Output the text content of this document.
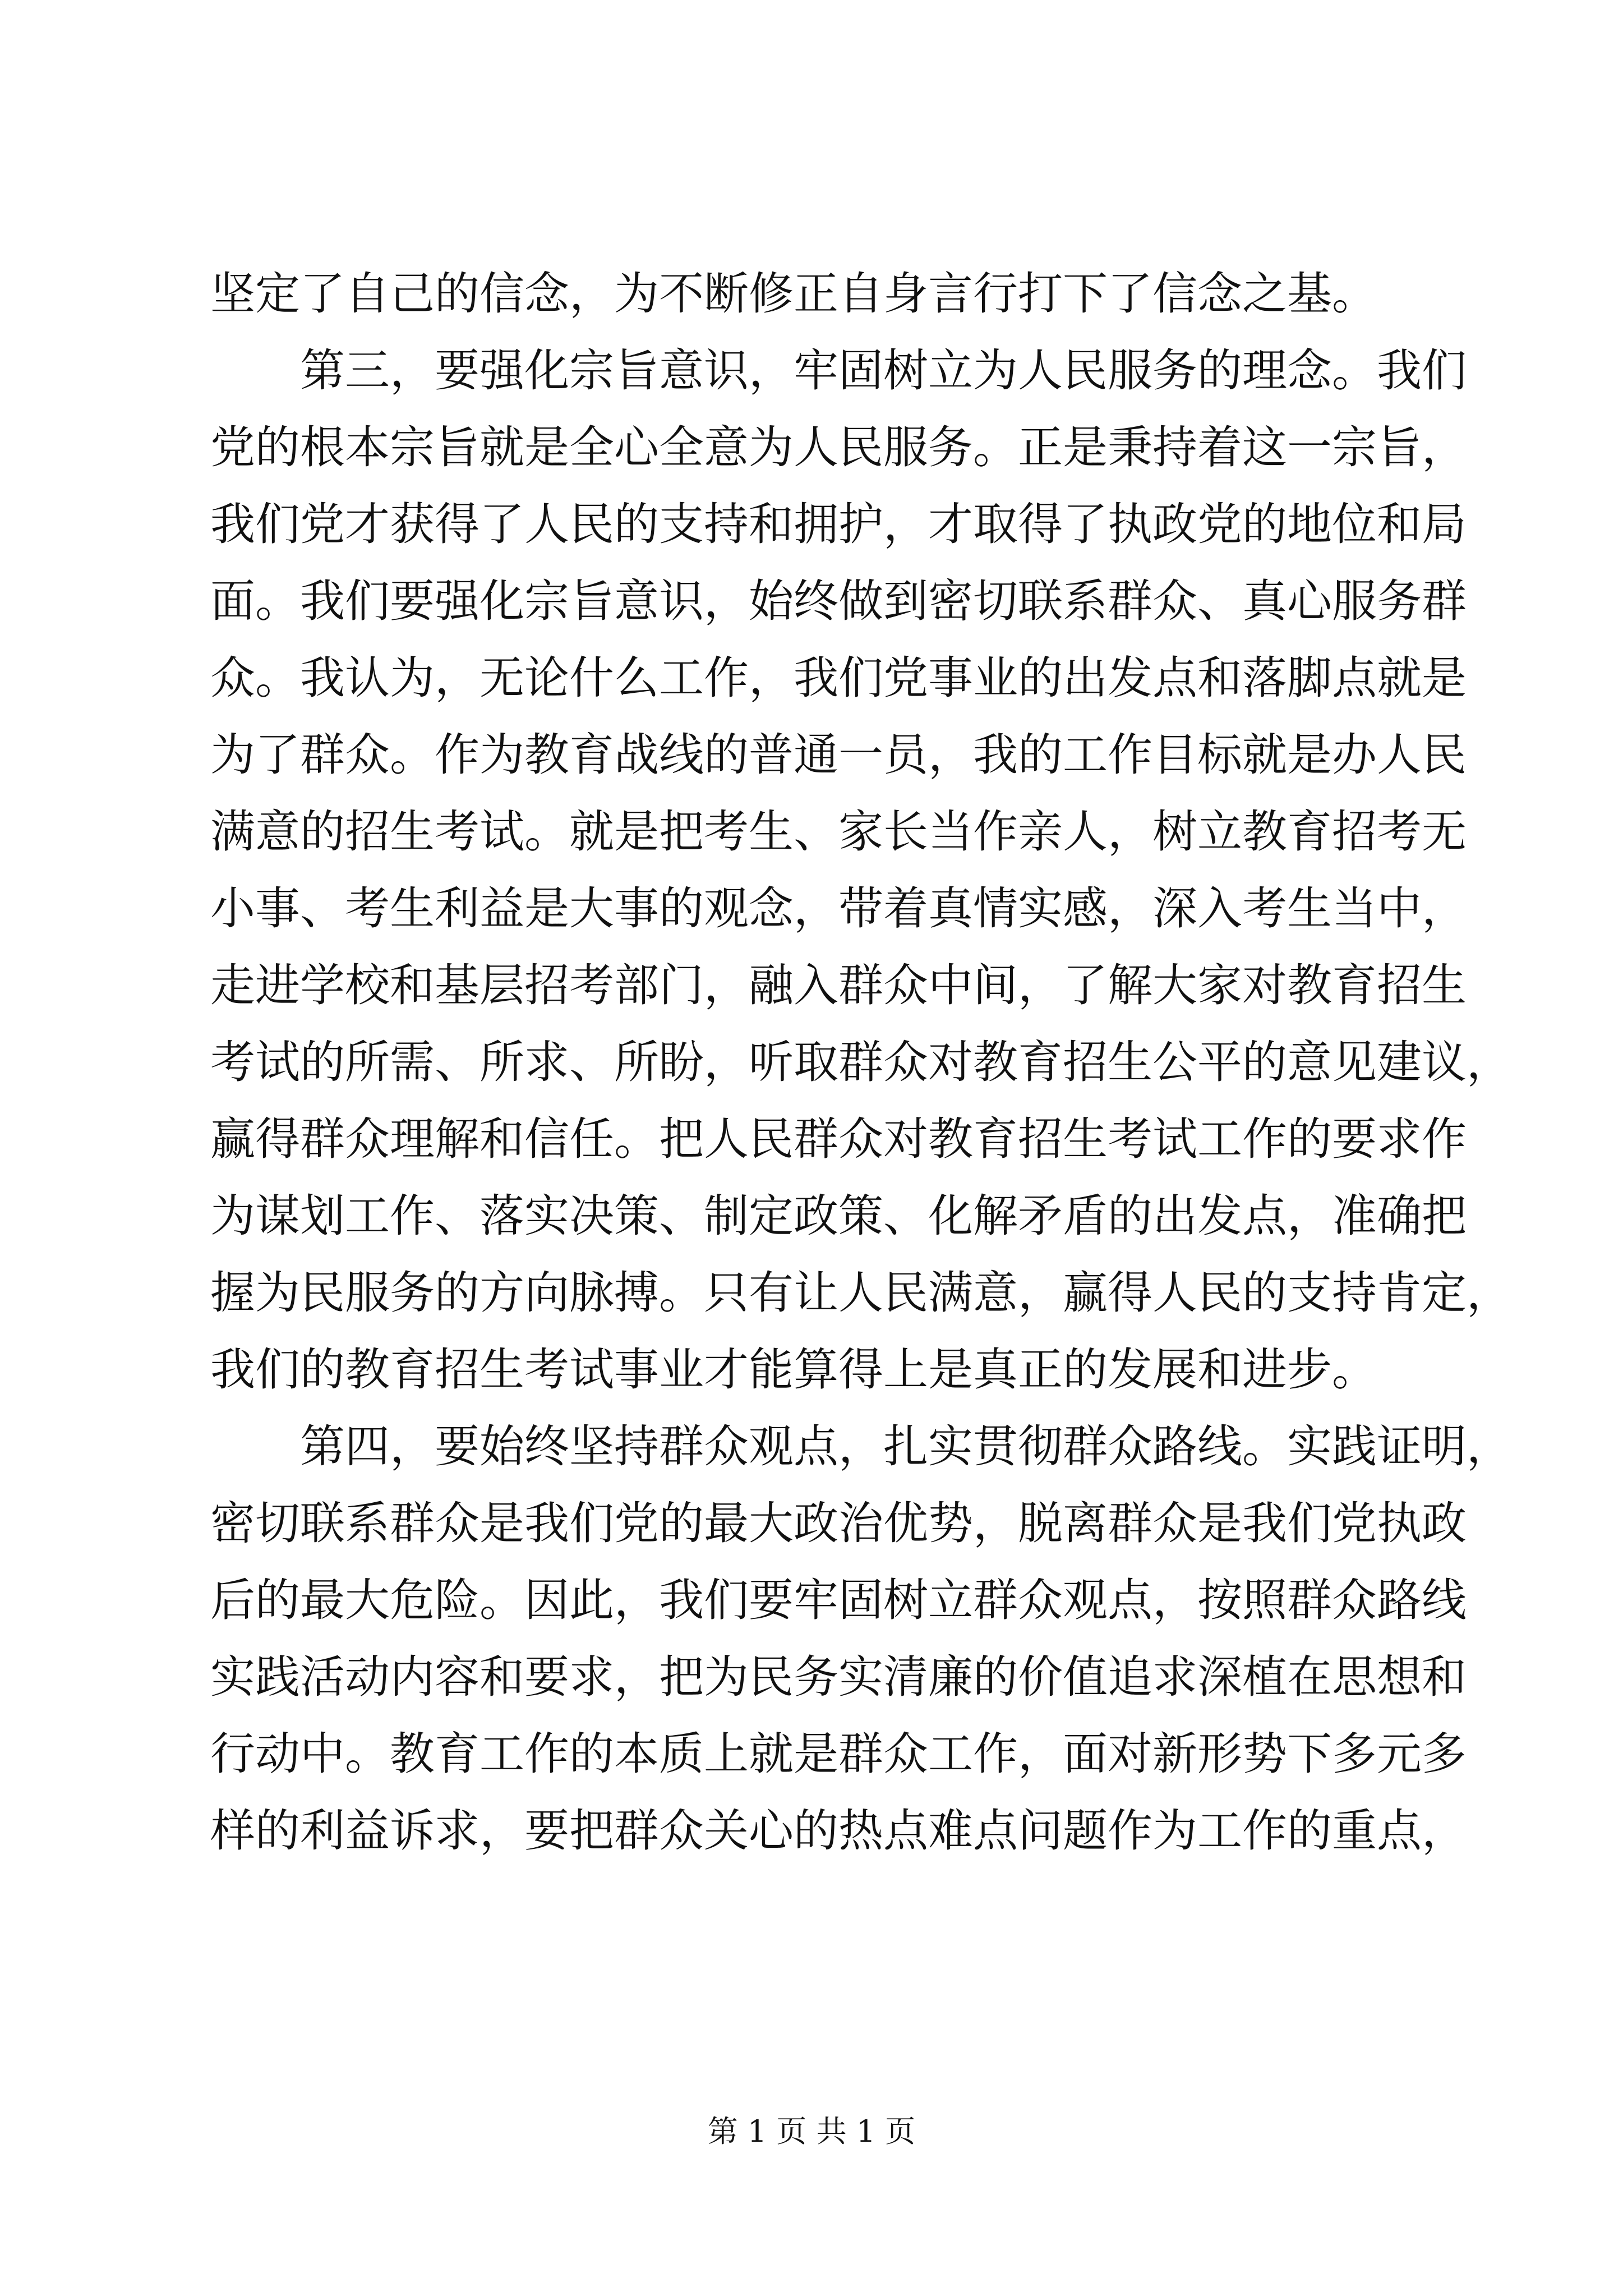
坚定了自己的信念，为不断修正自身言行打下了信念之基。
　　第三，要强化宗旨意识，牢固树立为人民服务的理念。我们
党的根本宗旨就是全心全意为人民服务。正是秉持着这一宗旨，
我们党才获得了人民的支持和拥护，才取得了执政党的地位和局
面。我们要强化宗旨意识，始终做到密切联系群众、真心服务群
众。我认为，无论什么工作，我们党事业的出发点和落脚点就是
为了群众。作为教育战线的普通一员，我的工作目标就是办人民
满意的招生考试。就是把考生、家长当作亲人，树立教育招考无
小事、考生利益是大事的观念，带着真情实感，深入考生当中，
走进学校和基层招考部门，融入群众中间，了解大家对教育招生
考试的所需、所求、所盼，听取群众对教育招生公平的意见建议，
赢得群众理解和信任。把人民群众对教育招生考试工作的要求作
为谋划工作、落实决策、制定政策、化解矛盾的出发点，准确把
握为民服务的方向脉搏。只有让人民满意，赢得人民的支持肯定，
我们的教育招生考试事业才能算得上是真正的发展和进步。
　　第四，要始终坚持群众观点，扎实贯彻群众路线。实践证明，
密切联系群众是我们党的最大政治优势，脱离群众是我们党执政
后的最大危险。因此，我们要牢固树立群众观点，按照群众路线
实践活动内容和要求，把为民务实清廉的价值追求深植在思想和
行动中。教育工作的本质上就是群众工作，面对新形势下多元多
样的利益诉求，要把群众关心的热点难点问题作为工作的重点，
第 1 页 共 1 页
